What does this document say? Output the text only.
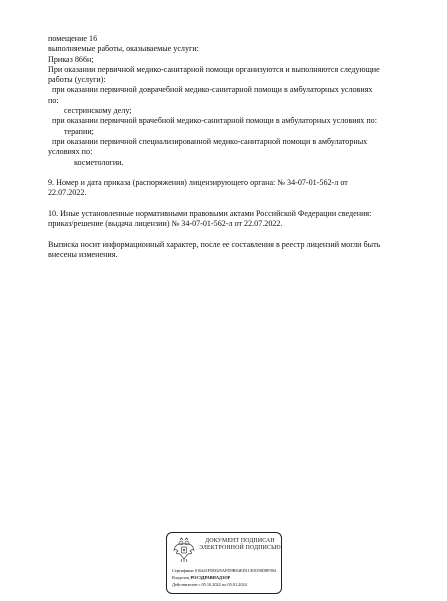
помещение 16
выполняемые работы, оказываемые услуги:
Приказ 866н;
При оказании первичной медико-санитарной помощи организуются и выполняются следующие
работы (услуги):
при оказании первичной доврачебной медико-санитарной помощи в амбулаторных условиях
по:
сестринскому делу;
при оказании первичной врачебной медико-санитарной помощи в амбулаторных условиях по:
терапии;
при оказании первичной специализированной медико-санитарной помощи в амбулаторных
условиях по:
косметологии.
9. Номер и дата приказа (распоряжения) лицензирующего органа: № 34-07-01-562-л от
22.07.2022.
10. Иные установленные нормативными правовыми актами Российской Федерации сведения:
приказ/решение (выдача лицензии) № 34-07-01-562-л от 22.07.2022.
Выписка носит информационный характер, после ее составления в реестр лицензий могли быть
внесены изменения.
ДОКУМЕНТ ПОДПИСАН
ЭЛЕКТРОННОЙ ПОДПИСЬЮ
Сертификат 016441FD0025AFD9B84ED1CE5058D8F984
Владелец РОСЗДРАВНАДЗОР
Действителен с 05.10.2022 по 05.01.2024
